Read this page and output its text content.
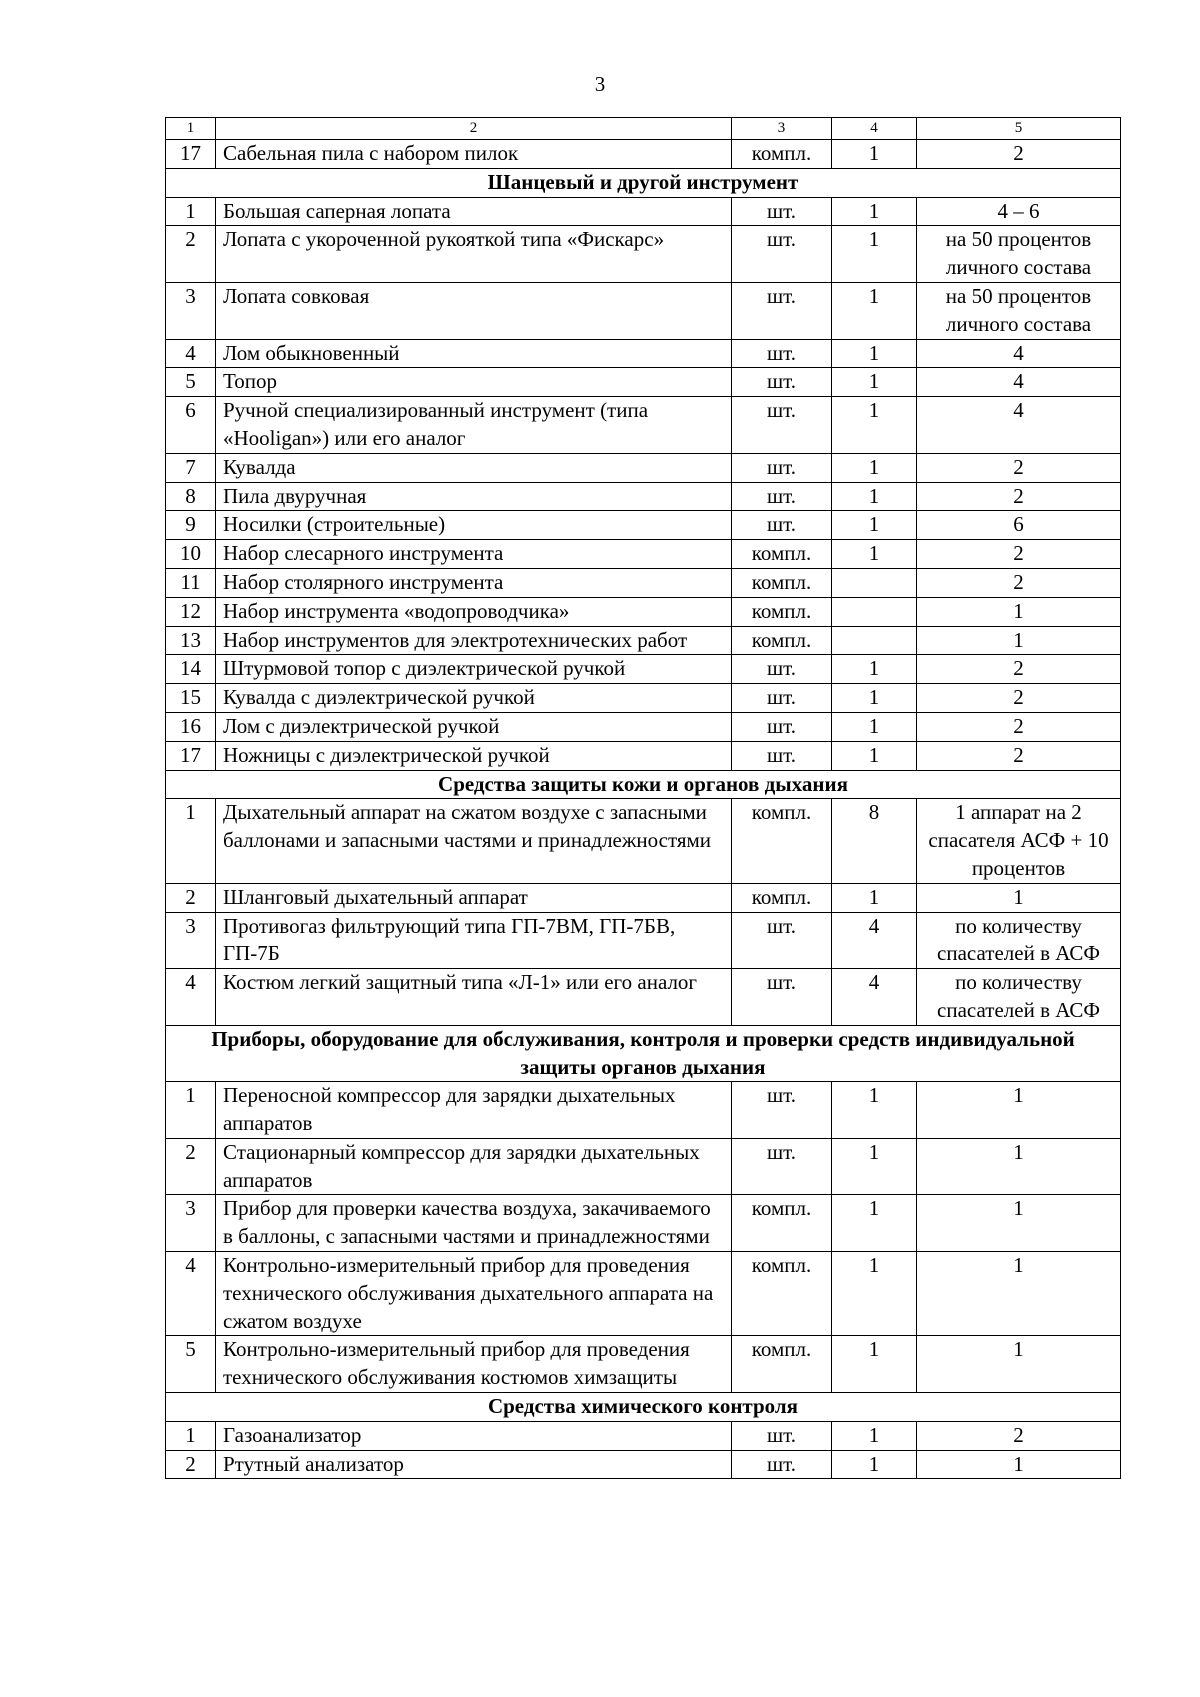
3
1	2	3	4	5
17	Сабельная пила с набором пилок	компл.	1	2
Шанцевый и другой инструмент				
1	Большая саперная лопата	шт.	1	4 – 6
2	Лопата с укороченной рукояткой типа «Фискарс»	шт.	1	на 50 процентов личного состава
3	Лопата совковая	шт.	1	на 50 процентов личного состава
4	Лом обыкновенный	шт.	1	4
5	Топор	шт.	1	4
6	Ручной специализированный инструмент (типа «Hooligan») или его аналог	шт.	1	4
7	Кувалда	шт.	1	2
8	Пила двуручная	шт.	1	2
9	Носилки (строительные)	шт.	1	6
10	Набор слесарного инструмента	компл.	1	2
11	Набор столярного инструмента	компл.		2
12	Набор инструмента «водопроводчика»	компл.		1
13	Набор инструментов для электротехнических работ	компл.		1
14	Штурмовой топор с диэлектрической ручкой	шт.	1	2
15	Кувалда с диэлектрической ручкой	шт.	1	2
16	Лом с диэлектрической ручкой	шт.	1	2
17	Ножницы с диэлектрической ручкой	шт.	1	2
Средства защиты кожи и органов дыхания				
1	Дыхательный аппарат на сжатом воздухе с запасными баллонами и запасными частями и принадлежностями	компл.	8	1 аппарат на 2 спасателя АСФ + 10 процентов
2	Шланговый дыхательный аппарат	компл.	1	1
3	Противогаз фильтрующий типа ГП-7ВМ, ГП-7БВ, ГП-7Б	шт.	4	по количеству спасателей в АСФ
4	Костюм легкий защитный типа «Л-1» или его аналог	шт.	4	по количеству спасателей в АСФ
Приборы, оборудование для обслуживания, контроля и проверки средств индивидуальной защиты органов дыхания				
1	Переносной компрессор для зарядки дыхательных аппаратов	шт.	1	1
2	Стационарный компрессор для зарядки дыхательных аппаратов	шт.	1	1
3	Прибор для проверки качества воздуха, закачиваемого в баллоны, с запасными частями и принадлежностями	компл.	1	1
4	Контрольно-измерительный прибор для проведения технического обслуживания дыхательного аппарата на сжатом воздухе	компл.	1	1
5	Контрольно-измерительный прибор для проведения технического обслуживания костюмов химзащиты	компл.	1	1
Средства химического контроля				
1	Газоанализатор	шт.	1	2
2	Ртутный анализатор	шт.	1	1
